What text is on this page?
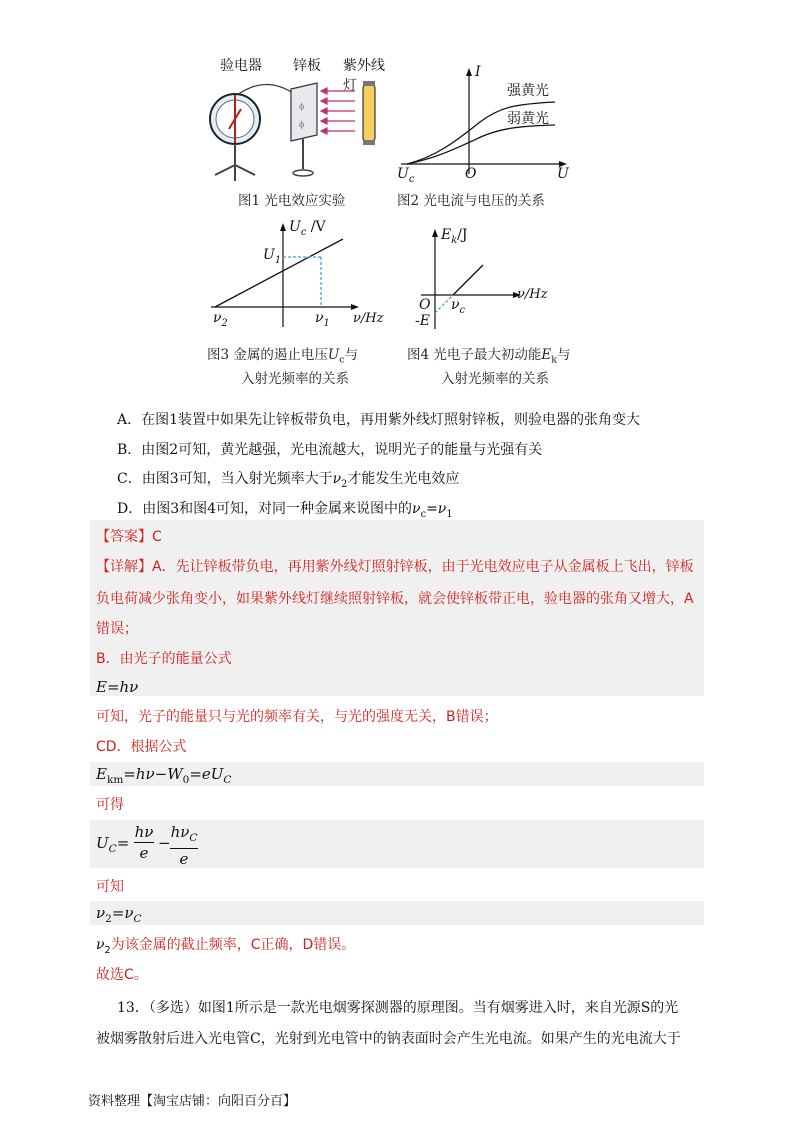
验电器 锌板 紫外线灯
ϕ
ϕ
图1 光电效应实验
I
强黄光
弱黄光
$U_c$	O	U
图2 光电流与电压的关系
$U_c$ /V
$U_1$
$\nu_2$	$\nu_1$ ν/Hz
图3 金属的遏止电压$U_c$与
入射光频率的关系
$E_k/J$
O $\nu_c$
ν/Hz
-E
图4 光电子最大初动能$E_k$与
入射光频率的关系
A．在图1装置中如果先让锌板带负电，再用紫外线灯照射锌板，则验电器的张角变大
B．由图2可知，黄光越强，光电流越大，说明光子的能量与光强有关
C．由图3可知，当入射光频率大于$\nu_2$才能发生光电效应
D．由图3和图4可知，对同一种金属来说图中的$\nu_c=\nu_1$
【答案】C
【详解】A．先让锌板带负电，再用紫外线灯照射锌板，由于光电效应电子从金属板上飞出，锌板
负电荷减少张角变小，如果紫外线灯继续照射锌板，就会使锌板带正电，验电器的张角又增大，A
错误；
B．由光子的能量公式
E=hν
可知，光子的能量只与光的频率有关，与光的强度无关，B错误；
CD．根据公式
$E_{km}=h\nu-W_0=eU_C$
可得
$U_C=$
hν
e
−
$h\nu_C$
e
可知
$\nu_2=\nu_C$
$\nu_2$为该金属的截止频率，C正确，D错误。
故选C。
13．（多选）如图1所示是一款光电烟雾探测器的原理图。当有烟雾进入时，来自光源S的光
被烟雾散射后进入光电管C，光射到光电管中的钠表面时会产生光电流。如果产生的光电流大于
资料整理【淘宝店铺：向阳百分百】
